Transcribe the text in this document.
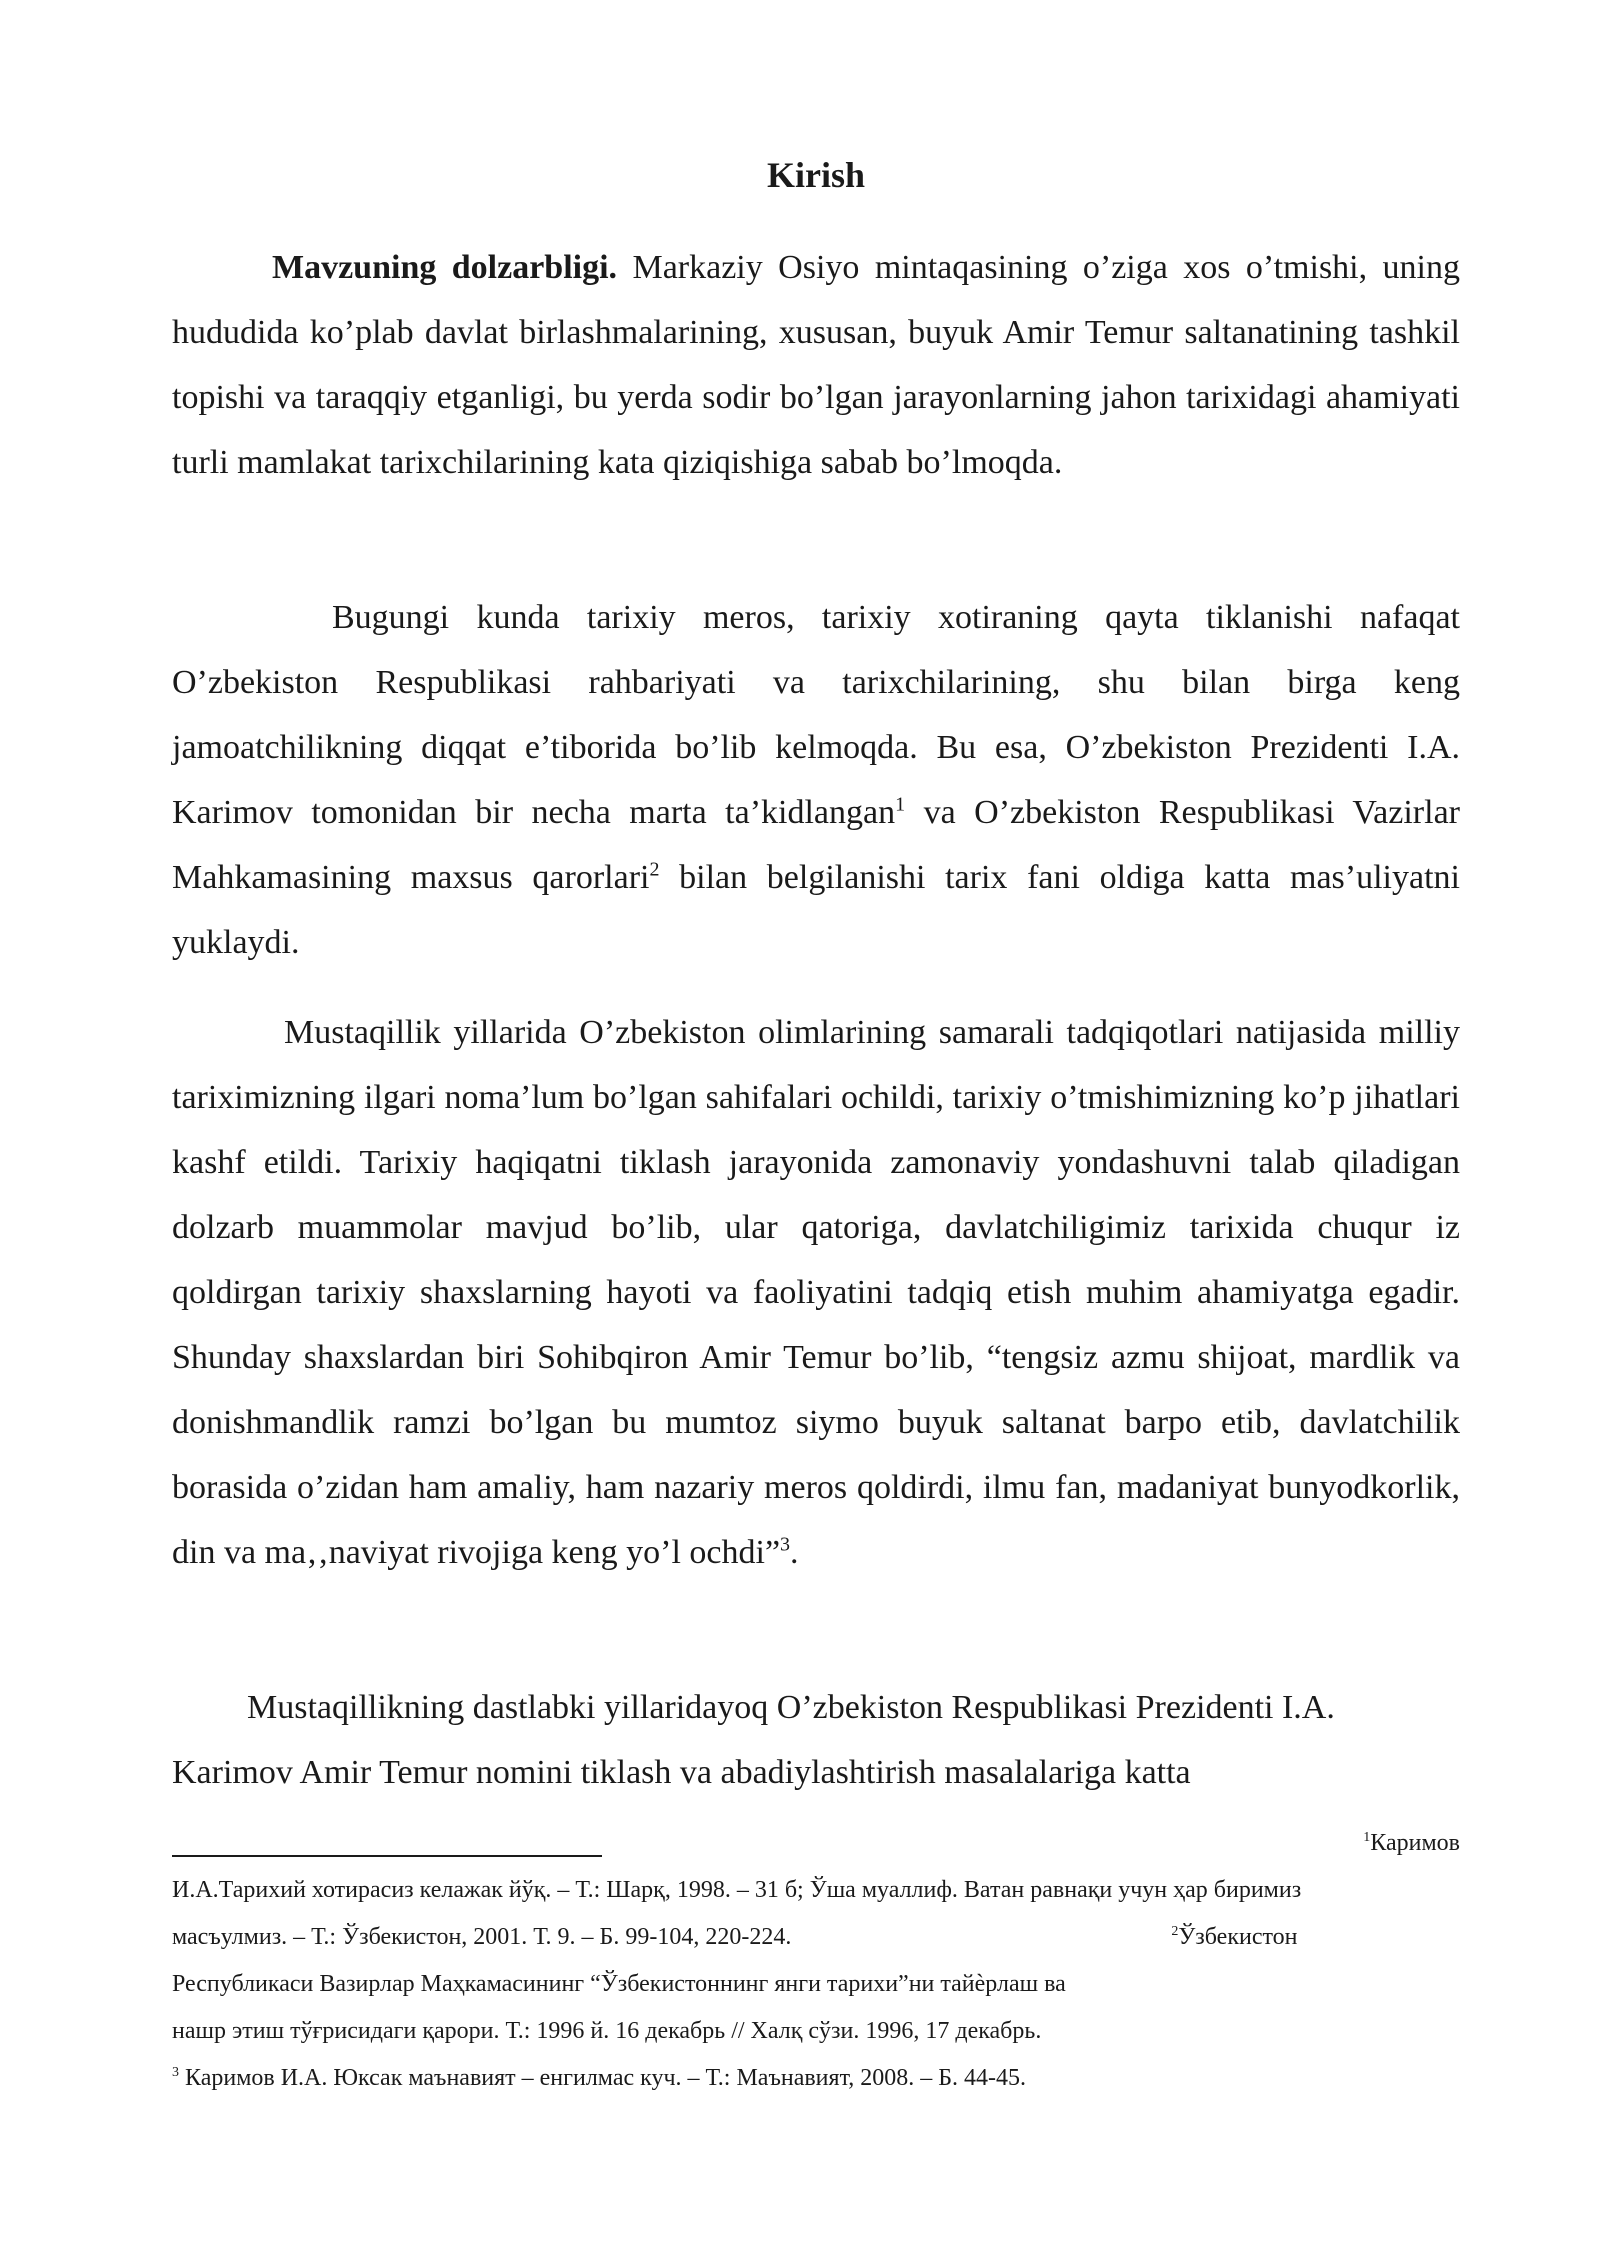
Kirish

Mavzuning dolzarbligi. Markaziy Osiyo mintaqasining o’ziga xos o’tmishi, uning hududida ko’plab davlat birlashmalarining, xususan, buyuk Amir Temur saltanatining tashkil topishi va taraqqiy etganligi, bu yerda sodir bo’lgan jarayonlarning jahon tarixidagi ahamiyati turli mamlakat tarixchilarining kata qiziqishiga sabab bo’lmoqda.

Bugungi kunda tarixiy meros, tarixiy xotiraning qayta tiklanishi nafaqat O’zbekiston Respublikasi rahbariyati va tarixchilarining, shu bilan birga keng jamoatchilikning diqqat e’tiborida bo’lib kelmoqda. Bu esa, O’zbekiston Prezidenti I.A. Karimov tomonidan bir necha marta ta’kidlangan$^1$ va O’zbekiston Respublikasi Vazirlar Mahkamasining maxsus qarorlari$^2$ bilan belgilanishi tarix fani oldiga katta mas’uliyatni yuklaydi.

Mustaqillik yillarida O’zbekiston olimlarining samarali tadqiqotlari natijasida milliy tariximizning ilgari noma’lum bo’lgan sahifalari ochildi, tarixiy o’tmishimizning ko’p jihatlari kashf etildi. Tarixiy haqiqatni tiklash jarayonida zamonaviy yondashuvni talab qiladigan dolzarb muammolar mavjud bo’lib, ular qatoriga, davlatchiligimiz tarixida chuqur iz qoldirgan tarixiy shaxslarning hayoti va faoliyatini tadqiq etish muhim ahamiyatga egadir. Shunday shaxslardan biri Sohibqiron Amir Temur bo’lib, “tengsiz azmu shijoat, mardlik va donishmandlik ramzi bo’lgan bu mumtoz siymo buyuk saltanat barpo etib, davlatchilik borasida o’zidan ham amaliy, ham nazariy meros qoldirdi, ilmu fan, madaniyat bunyodkorlik, din va ma‚‚naviyat rivojiga keng yo’l ochdi”$^3$.

Mustaqillikning dastlabki yillaridayoq O’zbekiston Respublikasi Prezidenti I.A. Karimov Amir Temur nomini tiklash va abadiylashtirish masalalariga katta

$^1$Каримов
И.А.Тарихий хотирасиз келажак йўқ. – Т.: Шарқ, 1998. – 31 б; Ўша муаллиф. Ватан равнақи учун ҳар биримиз
масъулмиз. – Т.: Ўзбекистон, 2001. Т. 9. – Б. 99-104, 220-224.	$^2$Ўзбекистон
Республикаси Вазирлар Маҳкамасининг “Ўзбекистоннинг янги тарихи”ни тайѐрлаш ва
нашр этиш тўғрисидаги қарори. Т.: 1996 й. 16 декабрь // Халқ сўзи. 1996, 17 декабрь.
$^3$ Каримов И.А. Юксак маънавият – енгилмас куч. – Т.: Маънавият, 2008. – Б. 44-45.
